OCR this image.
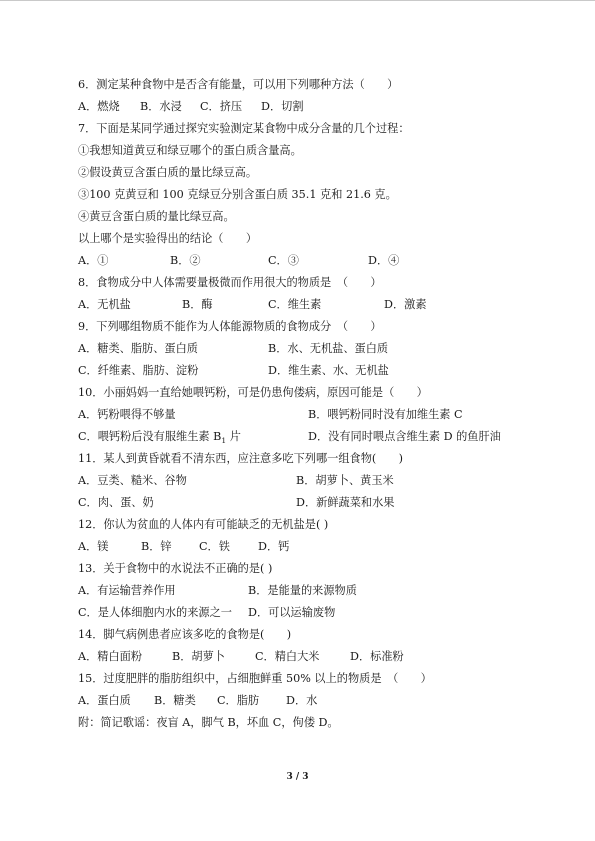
6．测定某种食物中是否含有能量，可以用下列哪种方法（　　）
A．燃烧 B．水浸 C．挤压 D．切割
7．下面是某同学通过探究实验测定某食物中成分含量的几个过程：
①我想知道黄豆和绿豆哪个的蛋白质含量高。
②假设黄豆含蛋白质的量比绿豆高。
③100 克黄豆和 100 克绿豆分别含蛋白质 35.1 克和 21.6 克。
④黄豆含蛋白质的量比绿豆高。
以上哪个是实验得出的结论（　　）
A．①	B．②	C．③	D．④
8．食物成分中人体需要量极微而作用很大的物质是　（　　）
A．无机盐	B．酶	C．维生素	D．激素
9．下列哪组物质不能作为人体能源物质的食物成分　（　　）
A．糖类、脂肪、蛋白质	B．水、无机盐、蛋白质
C．纤维素、脂肪、淀粉	D．维生素、水、无机盐
10．小丽妈妈一直给她喂钙粉，可是仍患佝偻病，原因可能是（　　）
A．钙粉喂得不够量	B．喂钙粉同时没有加维生素 C
C．喂钙粉后没有服维生素 $B_1$ 片	D．没有同时喂点含维生素 D 的鱼肝油
11．某人到黄昏就看不清东西，应注意多吃下列哪一组食物(　　)
A．豆类、糙米、谷物	B．胡萝卜、黄玉米
C．肉、蛋、奶	D．新鲜蔬菜和水果
12．你认为贫血的人体内有可能缺乏的无机盐是( )
A．镁	B．锌 C．铁	D．钙
13．关于食物中的水说法不正确的是( )
A．有运输营养作用	B．是能量的来源物质
C．是人体细胞内水的来源之一 D．可以运输废物
14．脚气病例患者应该多吃的食物是(　　)
A．精白面粉	B．胡萝卜	C．精白大米	D．标准粉
15．过度肥胖的脂肪组织中，占细胞鲜重 50% 以上的物质是　（　　）
A．蛋白质 B．糖类 C．脂肪 D．水
附：简记歌谣：夜盲 A，脚气 B，坏血 C，佝偻 D。
3 / 3
